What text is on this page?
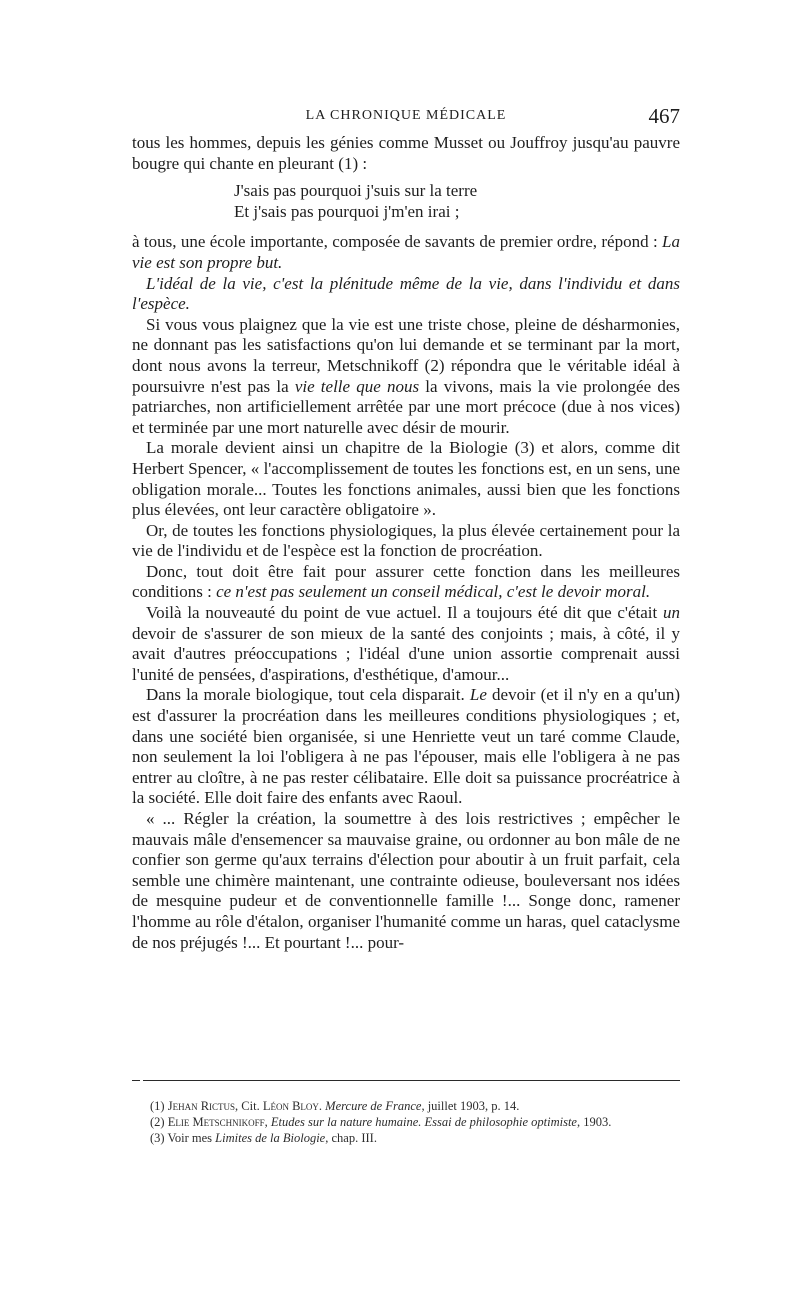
LA CHRONIQUE MÉDICALE	467

tous les hommes, depuis les génies comme Musset ou Jouffroy jusqu'au pauvre bougre qui chante en pleurant (1) :

J'sais pas pourquoi j'suis sur la terre
Et j'sais pas pourquoi j'm'en irai ;

à tous, une école importante, composée de savants de premier ordre, répond : La vie est son propre but.

L'idéal de la vie, c'est la plénitude même de la vie, dans l'individu et dans l'espèce.

Si vous vous plaignez que la vie est une triste chose, pleine de désharmonies, ne donnant pas les satisfactions qu'on lui demande et se terminant par la mort, dont nous avons la terreur, Metschnikoff (2) répondra que le véritable idéal à poursuivre n'est pas la vie telle que nous la vivons, mais la vie prolongée des patriarches, non artificiellement arrêtée par une mort précoce (due à nos vices) et terminée par une mort naturelle avec désir de mourir.

La morale devient ainsi un chapitre de la Biologie (3) et alors, comme dit Herbert Spencer, « l'accomplissement de toutes les fonctions est, en un sens, une obligation morale... Toutes les fonctions animales, aussi bien que les fonctions plus élevées, ont leur caractère obligatoire ».

Or, de toutes les fonctions physiologiques, la plus élevée certainement pour la vie de l'individu et de l'espèce est la fonction de procréation.

Donc, tout doit être fait pour assurer cette fonction dans les meilleures conditions : ce n'est pas seulement un conseil médical, c'est le devoir moral.

Voilà la nouveauté du point de vue actuel. Il a toujours été dit que c'était un devoir de s'assurer de son mieux de la santé des conjoints ; mais, à côté, il y avait d'autres préoccupations ; l'idéal d'une union assortie comprenait aussi l'unité de pensées, d'aspirations, d'esthétique, d'amour...

Dans la morale biologique, tout cela disparait. Le devoir (et il n'y en a qu'un) est d'assurer la procréation dans les meilleures conditions physiologiques ; et, dans une société bien organisée, si une Henriette veut un taré comme Claude, non seulement la loi l'obligera à ne pas l'épouser, mais elle l'obligera à ne pas entrer au cloître, à ne pas rester célibataire. Elle doit sa puissance procréatrice à la société. Elle doit faire des enfants avec Raoul.

« ... Régler la création, la soumettre à des lois restrictives ; empêcher le mauvais mâle d'ensemencer sa mauvaise graine, ou ordonner au bon mâle de ne confier son germe qu'aux terrains d'élection pour aboutir à un fruit parfait, cela semble une chimère maintenant, une contrainte odieuse, bouleversant nos idées de mesquine pudeur et de conventionnelle famille !... Songe donc, ramener l'homme au rôle d'étalon, organiser l'humanité comme un haras, quel cataclysme de nos préjugés !... Et pourtant !... pour-

(1) Jehan Rictus, Cit. Léon Bloy. Mercure de France, juillet 1903, p. 14.

(2) Elie Metschnikoff, Etudes sur la nature humaine. Essai de philosophie optimiste, 1903.

(3) Voir mes Limites de la Biologie, chap. III.
